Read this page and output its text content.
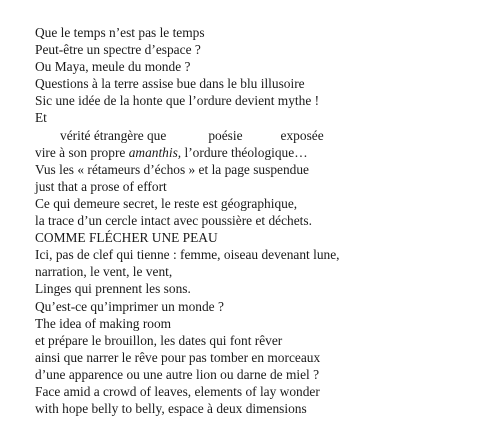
Que le temps n’est pas le temps
Peut-être un spectre d’espace ?
Ou Maya, meule du monde ?
Questions à la terre assise bue dans le blu illusoire
Sic une idée de la honte que l’ordure devient mythe !
Et
vérité étrangère que	poésie	exposée
vire à son propre amanthis, l’ordure théologique…
Vus les « rétameurs d’échos » et la page suspendue
just that a prose of effort
Ce qui demeure secret, le reste est géographique,
la trace d’un cercle intact avec poussière et déchets.
COMME FLÉCHER UNE PEAU
Ici, pas de clef qui tienne : femme, oiseau devenant lune,
narration, le vent, le vent,
Linges qui prennent les sons.
Qu’est-ce qu’imprimer un monde ?
The idea of making room
et prépare le brouillon, les dates qui font rêver
ainsi que narrer le rêve pour pas tomber en morceaux
d’une apparence ou une autre lion ou darne de miel ?
Face amid a crowd of leaves, elements of lay wonder
with hope belly to belly, espace à deux dimensions
